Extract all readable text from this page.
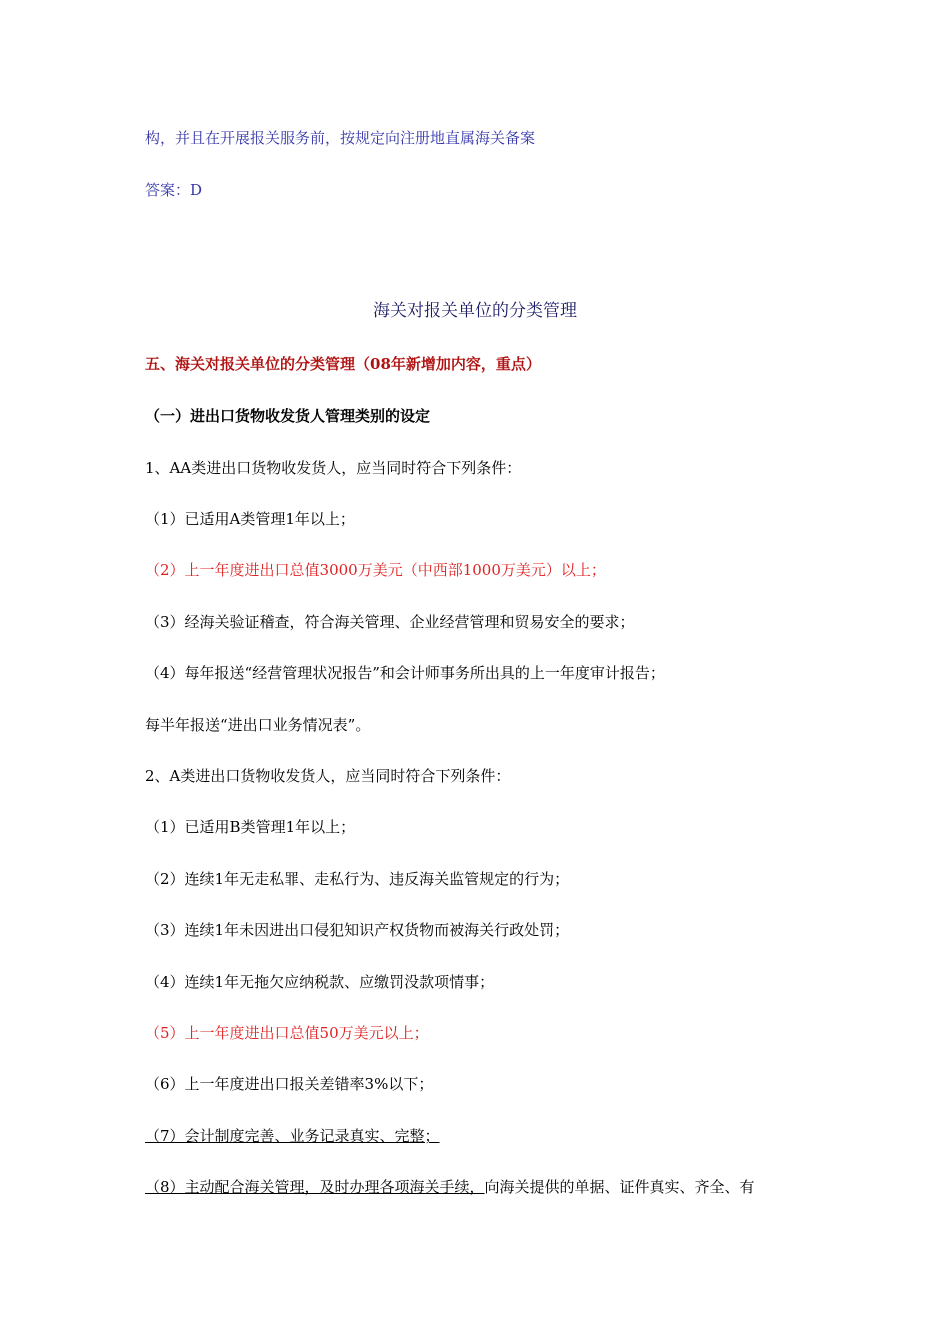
构，并且在开展报关服务前，按规定向注册地直属海关备案
答案：D
海关对报关单位的分类管理
五、海关对报关单位的分类管理（08年新增加内容，重点）
（一）进出口货物收发货人管理类别的设定
1、AA类进出口货物收发货人，应当同时符合下列条件：
（1）已适用A类管理1年以上；
（2）上一年度进出口总值3000万美元（中西部1000万美元）以上；
（3）经海关验证稽查，符合海关管理、企业经营管理和贸易安全的要求；
（4）每年报送“经营管理状况报告”和会计师事务所出具的上一年度审计报告；
每半年报送“进出口业务情况表”。
2、A类进出口货物收发货人，应当同时符合下列条件：
（1）已适用B类管理1年以上；
（2）连续1年无走私罪、走私行为、违反海关监管规定的行为；
（3）连续1年未因进出口侵犯知识产权货物而被海关行政处罚；
（4）连续1年无拖欠应纳税款、应缴罚没款项情事；
（5）上一年度进出口总值50万美元以上；
（6）上一年度进出口报关差错率3%以下；
（7）会计制度完善、业务记录真实、完整；
（8）主动配合海关管理，及时办理各项海关手续，向海关提供的单据、证件真实、齐全、有
